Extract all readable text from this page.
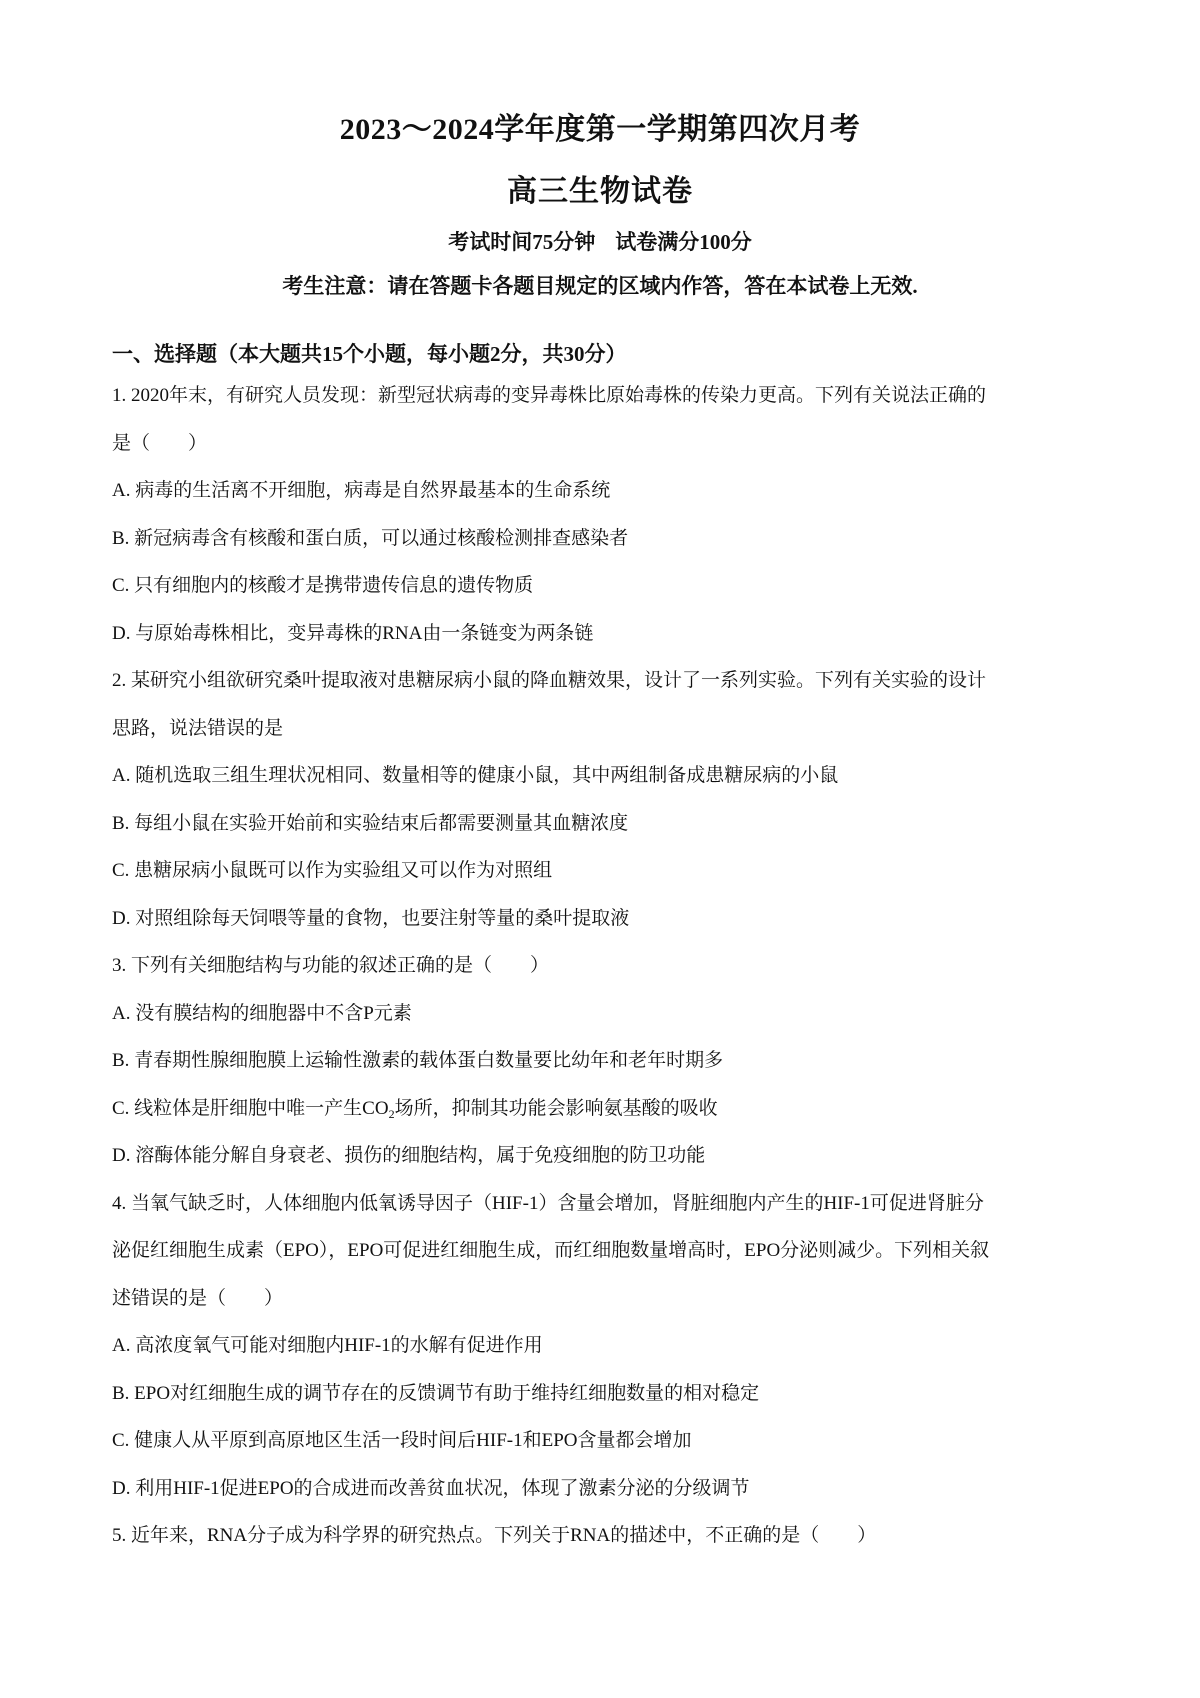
2023～2024学年度第一学期第四次月考
高三生物试卷
考试时间75分钟 试卷满分100分
考生注意：请在答题卡各题目规定的区域内作答，答在本试卷上无效.
一、选择题（本大题共15个小题，每小题2分，共30分）
1. 2020年末，有研究人员发现：新型冠状病毒的变异毒株比原始毒株的传染力更高。下列有关说法正确的
是（　　）
A. 病毒的生活离不开细胞，病毒是自然界最基本的生命系统
B. 新冠病毒含有核酸和蛋白质，可以通过核酸检测排查感染者
C. 只有细胞内的核酸才是携带遗传信息的遗传物质
D. 与原始毒株相比，变异毒株的RNA由一条链变为两条链
2. 某研究小组欲研究桑叶提取液对患糖尿病小鼠的降血糖效果，设计了一系列实验。下列有关实验的设计
思路，说法错误的是
A. 随机选取三组生理状况相同、数量相等的健康小鼠，其中两组制备成患糖尿病的小鼠
B. 每组小鼠在实验开始前和实验结束后都需要测量其血糖浓度
C. 患糖尿病小鼠既可以作为实验组又可以作为对照组
D. 对照组除每天饲喂等量的食物，也要注射等量的桑叶提取液
3. 下列有关细胞结构与功能的叙述正确的是（　　）
A. 没有膜结构的细胞器中不含P元素
B. 青春期性腺细胞膜上运输性激素的载体蛋白数量要比幼年和老年时期多
C. 线粒体是肝细胞中唯一产生$CO_2$场所，抑制其功能会影响氨基酸的吸收
D. 溶酶体能分解自身衰老、损伤的细胞结构，属于免疫细胞的防卫功能
4. 当氧气缺乏时，人体细胞内低氧诱导因子（HIF-1）含量会增加，肾脏细胞内产生的HIF-1可促进肾脏分
泌促红细胞生成素（EPO），EPO可促进红细胞生成，而红细胞数量增高时，EPO分泌则减少。下列相关叙
述错误的是（　　）
A. 高浓度氧气可能对细胞内HIF-1的水解有促进作用
B. EPO对红细胞生成的调节存在的反馈调节有助于维持红细胞数量的相对稳定
C. 健康人从平原到高原地区生活一段时间后HIF-1和EPO含量都会增加
D. 利用HIF-1促进EPO的合成进而改善贫血状况，体现了激素分泌的分级调节
5. 近年来，RNA分子成为科学界的研究热点。下列关于RNA的描述中，不正确的是（　　）
